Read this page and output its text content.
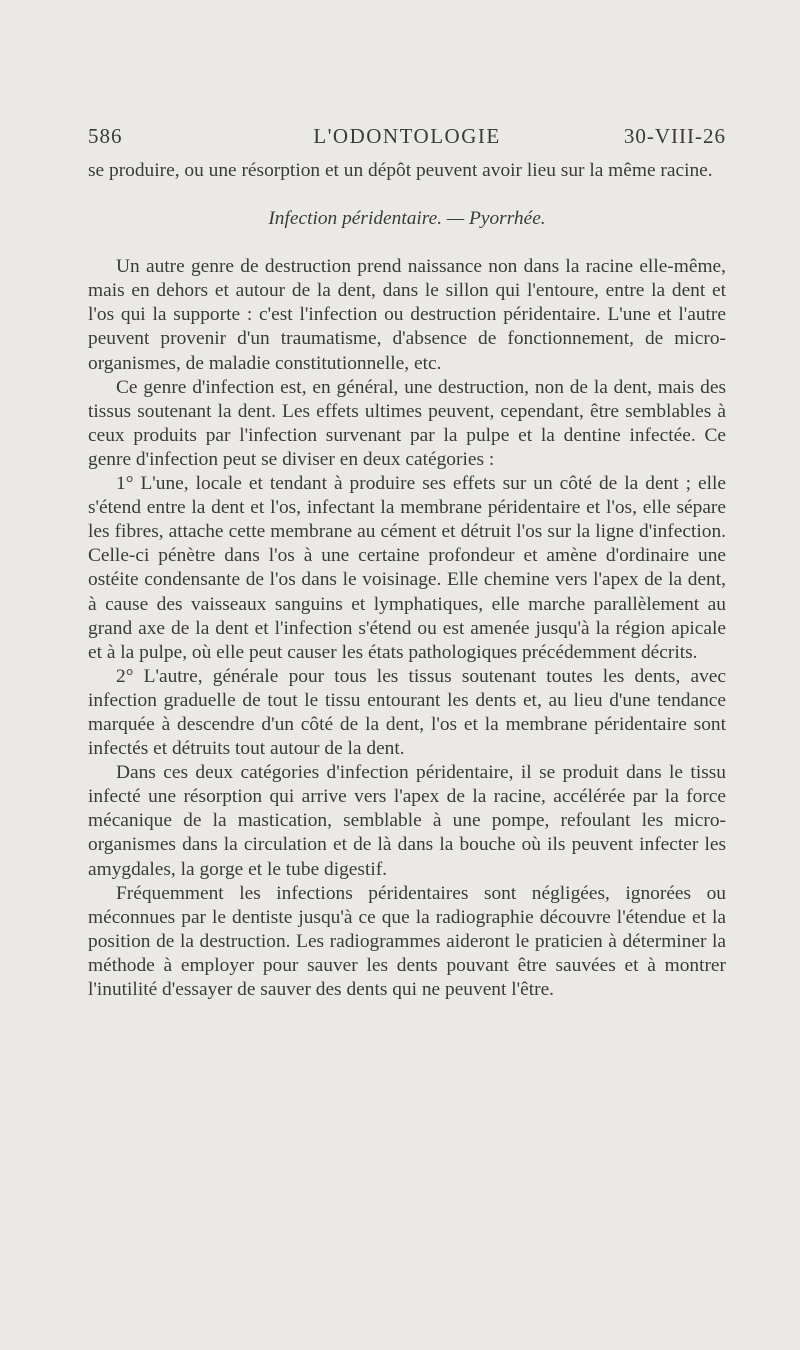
586	L'ODONTOLOGIE	30-VIII-26

se produire, ou une résorption et un dépôt peuvent avoir lieu sur la même racine.

Infection péridentaire. — Pyorrhée.

Un autre genre de destruction prend naissance non dans la racine elle-même, mais en dehors et autour de la dent, dans le sillon qui l'entoure, entre la dent et l'os qui la supporte : c'est l'infection ou destruction péridentaire. L'une et l'autre peuvent provenir d'un traumatisme, d'absence de fonctionnement, de micro-organismes, de maladie constitutionnelle, etc.

Ce genre d'infection est, en général, une destruction, non de la dent, mais des tissus soutenant la dent. Les effets ultimes peuvent, cependant, être semblables à ceux produits par l'infection survenant par la pulpe et la dentine infectée. Ce genre d'infection peut se diviser en deux catégories :

1° L'une, locale et tendant à produire ses effets sur un côté de la dent ; elle s'étend entre la dent et l'os, infectant la membrane péridentaire et l'os, elle sépare les fibres, attache cette membrane au cément et détruit l'os sur la ligne d'infection. Celle-ci pénètre dans l'os à une certaine profondeur et amène d'ordinaire une ostéite condensante de l'os dans le voisinage. Elle chemine vers l'apex de la dent, à cause des vaisseaux sanguins et lymphatiques, elle marche parallèlement au grand axe de la dent et l'infection s'étend ou est amenée jusqu'à la région apicale et à la pulpe, où elle peut causer les états pathologiques précédemment décrits.

2° L'autre, générale pour tous les tissus soutenant toutes les dents, avec infection graduelle de tout le tissu entourant les dents et, au lieu d'une tendance marquée à descendre d'un côté de la dent, l'os et la membrane péridentaire sont infectés et détruits tout autour de la dent.

Dans ces deux catégories d'infection péridentaire, il se produit dans le tissu infecté une résorption qui arrive vers l'apex de la racine, accélérée par la force mécanique de la mastication, semblable à une pompe, refoulant les micro-organismes dans la circulation et de là dans la bouche où ils peuvent infecter les amygdales, la gorge et le tube digestif.

Fréquemment les infections péridentaires sont négligées, ignorées ou méconnues par le dentiste jusqu'à ce que la radiographie découvre l'étendue et la position de la destruction. Les radiogrammes aideront le praticien à déterminer la méthode à employer pour sauver les dents pouvant être sauvées et à montrer l'inutilité d'essayer de sauver des dents qui ne peuvent l'être.
